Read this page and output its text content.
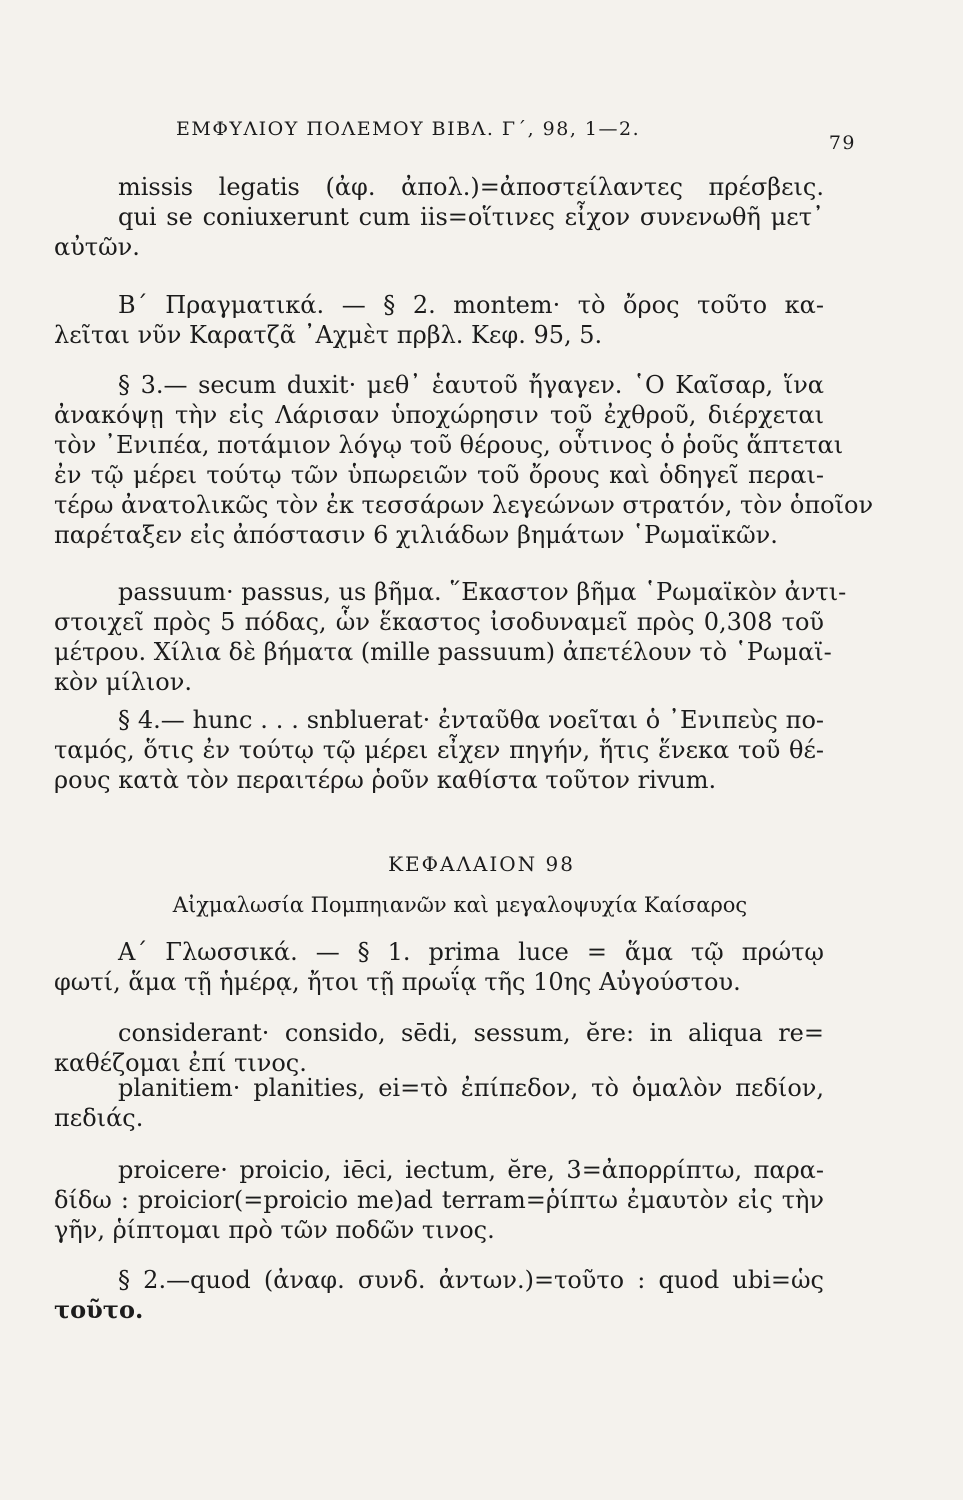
ΕΜΦΥΛΙΟΥ ΠΟΛΕΜΟΥ ΒΙΒΛ. Γ΄, 98, 1—2.
79
missis legatis (ἀφ. ἀπολ.)=ἀποστείλαντες πρέσβεις.
qui se coniuxerunt cum iis=οἵτινες εἶχον συνενωθῆ μετ᾿
αὐτῶν.
Β΄ Πραγματικά. — § 2. montem· τὸ ὄρος τοῦτο κα-
λεῖται νῦν Καρατζᾶ ᾿Αχμὲτ πρβλ. Κεφ. 95, 5.
§ 3.— secum duxit· μεθ᾿ ἑαυτοῦ ἤγαγεν. ῾Ο Καῖσαρ, ἵνα
ἀνακόψῃ τὴν εἰς Λάρισαν ὑποχώρησιν τοῦ ἐχθροῦ, διέρχεται
τὸν ᾿Ενιπέα, ποτάμιον λόγῳ τοῦ θέρους, οὗτινος ὁ ῥοῦς ἅπτεται
ἐν τῷ μέρει τούτῳ τῶν ὑπωρειῶν τοῦ ὄρους καὶ ὁδηγεῖ περαι-
τέρω ἀνατολικῶς τὸν ἐκ τεσσάρων λεγεώνων στρατόν, τὸν ὁποῖον
παρέταξεν εἰς ἀπόστασιν 6 χιλιάδων βημάτων ῾Ρωμαϊκῶν.
passuum· passus, us βῆμα. ῞Εκαστον βῆμα ῾Ρωμαϊκὸν ἀντι-
στοιχεῖ πρὸς 5 πόδας, ὧν ἕκαστος ἰσοδυναμεῖ πρὸς 0,308 τοῦ
μέτρου. Χίλια δὲ βήματα (mille passuum) ἀπετέλουν τὸ ῾Ρωμαϊ-
κὸν μίλιον.
§ 4.— hunc . . . snbluerat· ἐνταῦθα νοεῖται ὁ ᾿Ενιπεὺς πο-
ταμός, ὅτις ἐν τούτῳ τῷ μέρει εἶχεν πηγήν, ἥτις ἕνεκα τοῦ θέ-
ρους κατὰ τὸν περαιτέρω ῥοῦν καθίστα τοῦτον rivum.
ΚΕΦΑΛΑΙΟΝ 98
Αἰχμαλωσία Πομπηιανῶν καὶ μεγαλοψυχία Καίσαρος
Α΄ Γλωσσικά. — § 1. prima luce = ἅμα τῷ πρώτῳ
φωτί, ἅμα τῇ ἡμέρᾳ, ἤτοι τῇ πρωΐᾳ τῆς 10ης Αὐγούστου.
considerant· consido, sēdi, sessum, ĕre: in aliqua re=
καθέζομαι ἐπί τινος.
planitiem· planities, ei=τὸ ἐπίπεδον, τὸ ὁμαλὸν πεδίον,
πεδιάς.
proicere· proicio, iēci, iectum, ĕre, 3=ἀπορρίπτω, παρα-
δίδω : proicior(=proicio me)ad terram=ῥίπτω ἐμαυτὸν εἰς τὴν
γῆν, ῥίπτομαι πρὸ τῶν ποδῶν τινος.
§ 2.—quod (ἀναφ. συνδ. ἀντων.)=τοῦτο : quod ubi=ὡς
τοῦτο.
